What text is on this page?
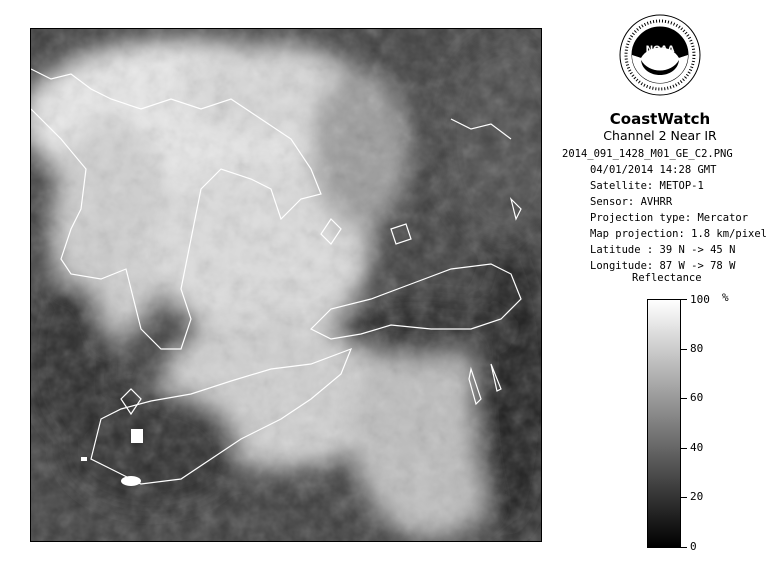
NOAA
CoastWatch
Channel 2 Near IR
2014_091_1428_M01_GE_C2.PNG
04/01/2014 14:28 GMT
Satellite: METOP-1
Sensor: AVHRR
Projection type: Mercator
Map projection: 1.8 km/pixel
Latitude : 39 N -> 45 N
Longitude: 87 W -> 78 W
Reflectance
%
100
80
60
40
20
0
